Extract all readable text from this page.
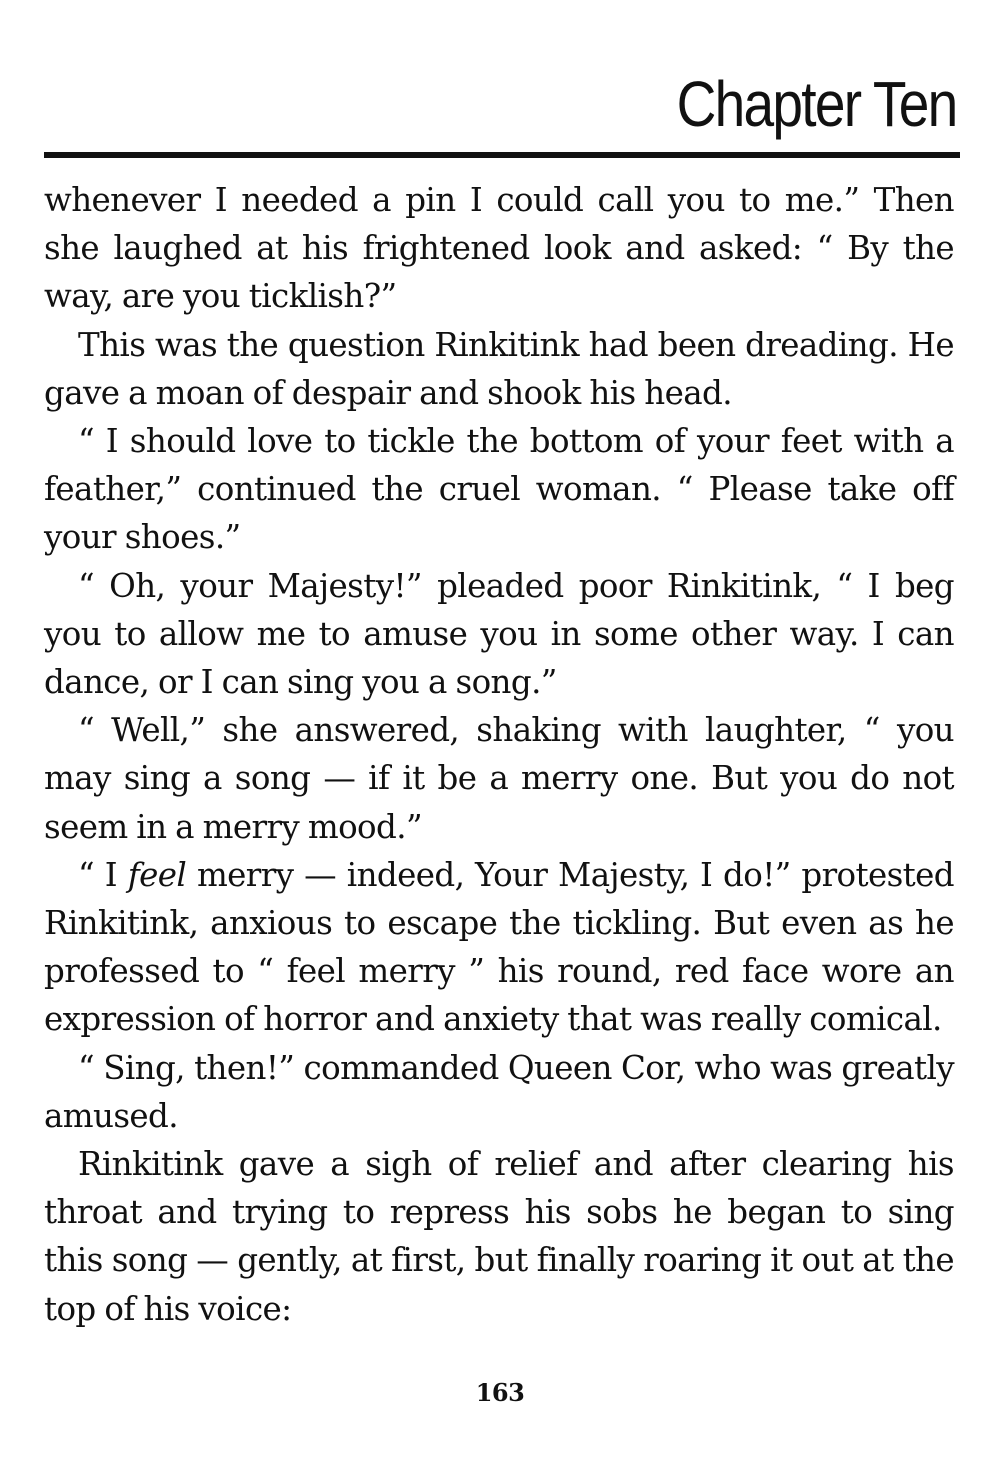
Chapter Ten

whenever I needed a pin I could call you to me.” Then she laughed at his frightened look and asked: “ By the way, are you ticklish?”

This was the question Rinkitink had been dreading. He gave a moan of despair and shook his head.

“ I should love to tickle the bottom of your feet with a feather,” continued the cruel woman. “ Please take off your shoes.”

“ Oh, your Majesty!” pleaded poor Rinkitink, “ I beg you to allow me to amuse you in some other way. I can dance, or I can sing you a song.”

“ Well,” she answered, shaking with laughter, “ you may sing a song — if it be a merry one. But you do not seem in a merry mood.”

“ I feel merry — indeed, Your Majesty, I do!” protested Rinkitink, anxious to escape the tickling. But even as he professed to “ feel merry ” his round, red face wore an expression of horror and anxiety that was really comical.

“ Sing, then!” commanded Queen Cor, who was greatly amused.

Rinkitink gave a sigh of relief and after clearing his throat and trying to repress his sobs he began to sing this song — gently, at first, but finally roaring it out at the top of his voice:

163
